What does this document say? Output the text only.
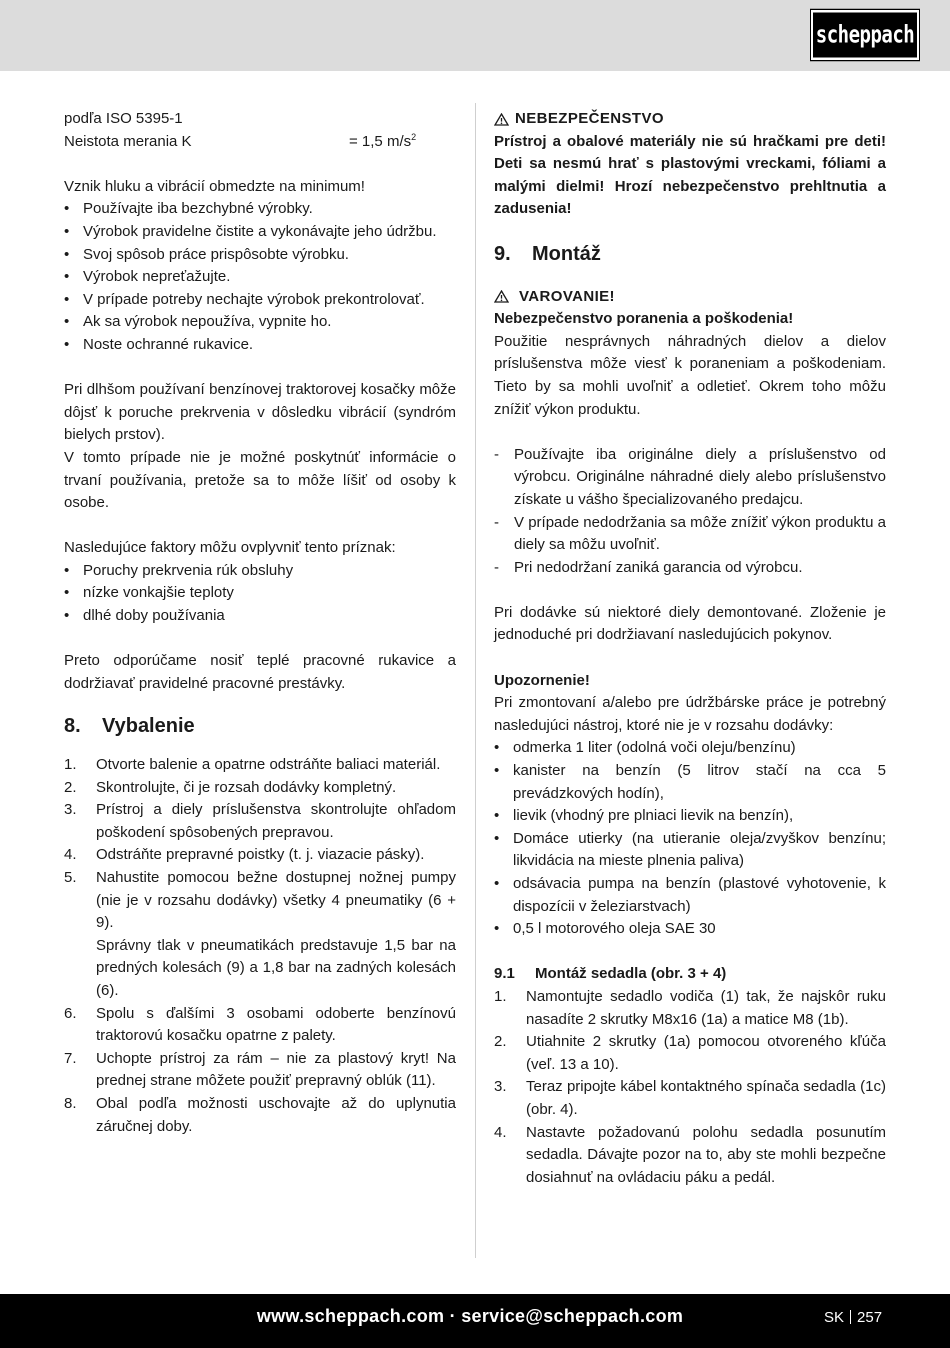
scheppach

podľa ISO 5395-1

Neistota merania K	= 1,5 $m/s^2$

Vznik hluku a vibrácií obmedzte na minimum!

• Používajte iba bezchybné výrobky.
• Výrobok pravidelne čistite a vykonávajte jeho údržbu.
• Svoj spôsob práce prispôsobte výrobku.
• Výrobok nepreťažujte.
• V prípade potreby nechajte výrobok prekontrolovať.
• Ak sa výrobok nepoužíva, vypnite ho.
• Noste ochranné rukavice.

Pri dlhšom používaní benzínovej traktorovej kosačky môže dôjsť k poruche prekrvenia v dôsledku vibrácií (syndróm bielych prstov).

V tomto prípade nie je možné poskytnúť informácie o trvaní používania, pretože sa to môže líšiť od osoby k osobe.

Nasledujúce faktory môžu ovplyvniť tento príznak:

• Poruchy prekrvenia rúk obsluhy
• nízke vonkajšie teploty
• dlhé doby používania

Preto odporúčame nosiť teplé pracovné rukavice a dodržiavať pravidelné pracovné prestávky.

8.	Vybalenie
1. Otvorte balenie a opatrne odstráňte baliaci materiál.
2. Skontrolujte, či je rozsah dodávky kompletný.
3. Prístroj a diely príslušenstva skontrolujte ohľadom poškodení spôsobených prepravou.
4. Odstráňte prepravné poistky (t. j. viazacie pásky).
5. Nahustite pomocou bežne dostupnej nožnej pumpy (nie je v rozsahu dodávky) všetky 4 pneumatiky (6 + 9).
Správny tlak v pneumatikách predstavuje 1,5 bar na predných kolesách (9) a 1,8 bar na zadných kolesách (6).
6. Spolu s ďalšími 3 osobami odoberte benzínovú traktorovú kosačku opatrne z palety.
7. Uchopte prístroj za rám – nie za plastový kryt! Na prednej strane môžete použiť prepravný oblúk (11).
8. Obal podľa možnosti uschovajte až do uplynutia záručnej doby.
NEBEZPEČENSTVO

Prístroj a obalové materiály nie sú hračkami pre deti! Deti sa nesmú hrať s plastovými vreckami, fóliami a malými dielmi! Hrozí nebezpečenstvo prehltnutia a zadusenia!

9.	Montáž
VAROVANIE!

Nebezpečenstvo poranenia a poškodenia!

Použitie nesprávnych náhradných dielov a dielov príslušenstva môže viesť k poraneniam a poškodeniam. Tieto by sa mohli uvoľniť a odletieť. Okrem toho môžu znížiť výkon produktu.

- Používajte iba originálne diely a príslušenstvo od výrobcu. Originálne náhradné diely alebo príslušenstvo získate u vášho špecializovaného predajcu.
- V prípade nedodržania sa môže znížiť výkon produktu a diely sa môžu uvoľniť.
- Pri nedodržaní zaniká garancia od výrobcu.

Pri dodávke sú niektoré diely demontované. Zloženie je jednoduché pri dodržiavaní nasledujúcich pokynov.

Upozornenie!

Pri zmontovaní a/alebo pre údržbárske práce je potrebný nasledujúci nástroj, ktoré nie je v rozsahu dodávky:

• odmerka 1 liter (odolná voči oleju/benzínu)
• kanister na benzín (5 litrov stačí na cca 5 prevádzkových hodín),
• lievik (vhodný pre plniaci lievik na benzín),
• Domáce utierky (na utieranie oleja/zvyškov benzínu; likvidácia na mieste plnenia paliva)
• odsávacia pumpa na benzín (plastové vyhotovenie, k dispozícii v železiarstvach)
• 0,5 l motorového oleja SAE 30
9.1	Montáž sedadla (obr. 3 + 4)
1. Namontujte sedadlo vodiča (1) tak, že najskôr ruku nasadíte 2 skrutky M8x16 (1a) a matice M8 (1b).
2. Utiahnite 2 skrutky (1a) pomocou otvoreného kľúča (veľ. 13 a 10).
3. Teraz pripojte kábel kontaktného spínača sedadla (1c) (obr. 4).
4. Nastavte požadovanú polohu sedadla posunutím sedadla. Dávajte pozor na to, aby ste mohli bezpečne dosiahnuť na ovládaciu páku a pedál.
www.scheppach.com · service@scheppach.com	SK 257
